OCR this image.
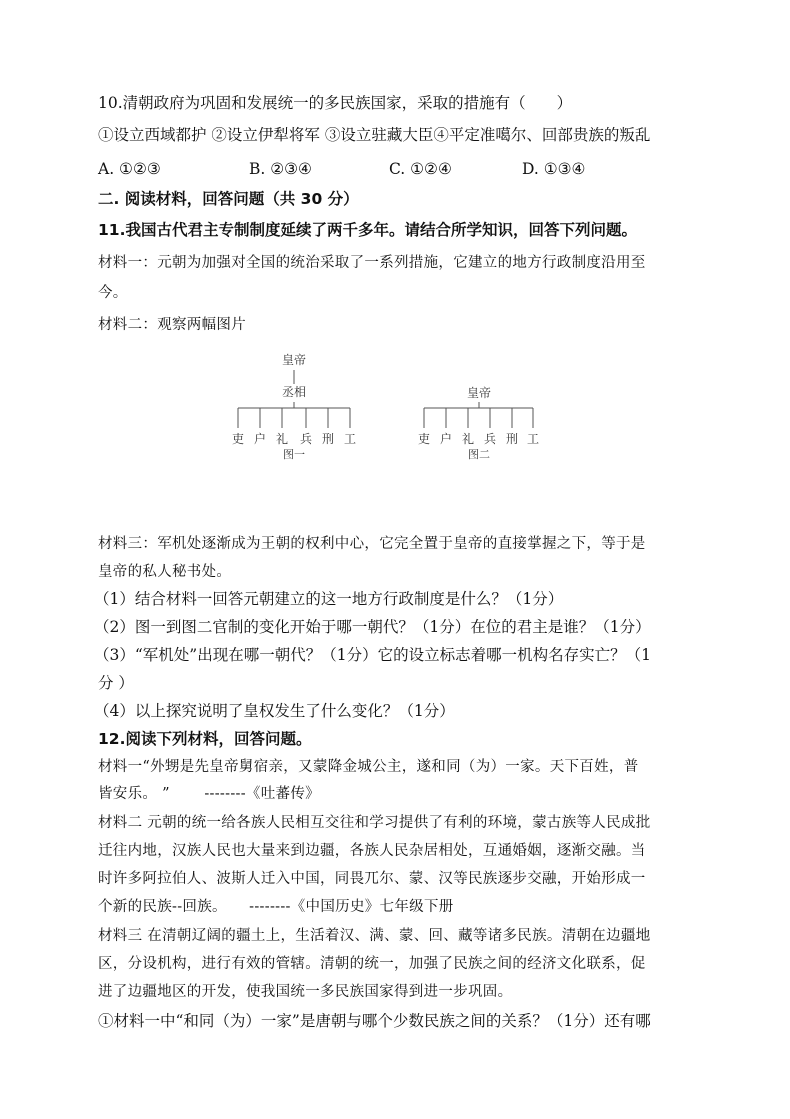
10.清朝政府为巩固和发展统一的多民族国家，采取的措施有（　　）
①设立西域都护 ②设立伊犁将军 ③设立驻藏大臣④平定准噶尔、回部贵族的叛乱
A. ①②③	B. ②③④	C. ①②④	D. ①③④
二. 阅读材料，回答问题（共 30 分）
11.我国古代君主专制制度延续了两千多年。请结合所学知识，回答下列问题。
材料一：元朝为加强对全国的统治采取了一系列措施，它建立的地方行政制度沿用至
今。
材料二：观察两幅图片
皇帝
丞相
吏 户 礼 兵 刑 工
图一
皇帝
吏 户 礼 兵 刑 工
图二
材料三：军机处逐渐成为王朝的权利中心，它完全置于皇帝的直接掌握之下，等于是
皇帝的私人秘书处。
（1）结合材料一回答元朝建立的这一地方行政制度是什么？（1分）
（2）图一到图二官制的变化开始于哪一朝代？（1分）在位的君主是谁？（1分）
（3）“军机处”出现在哪一朝代？（1分）它的设立标志着哪一机构名存实亡？（1
分 ）
（4）以上探究说明了皇权发生了什么变化？（1分）
12.阅读下列材料，回答问题。
材料一“外甥是先皇帝舅宿亲，又蒙降金城公主，遂和同（为）一家。天下百姓，普
皆安乐。 ”　　 --------《吐蕃传》
材料二 元朝的统一给各族人民相互交往和学习提供了有利的环境，蒙古族等人民成批
迁往内地，汉族人民也大量来到边疆，各族人民杂居相处，互通婚姻，逐渐交融。当
时许多阿拉伯人、波斯人迁入中国，同畏兀尔、蒙、汉等民族逐步交融，开始形成一
个新的民族--回族。　　--------《中国历史》七年级下册
材料三 在清朝辽阔的疆土上，生活着汉、满、蒙、回、藏等诸多民族。清朝在边疆地
区，分设机构，进行有效的管辖。清朝的统一，加强了民族之间的经济文化联系，促
进了边疆地区的开发，使我国统一多民族国家得到进一步巩固。
①材料一中“和同（为）一家”是唐朝与哪个少数民族之间的关系？（1分）还有哪
